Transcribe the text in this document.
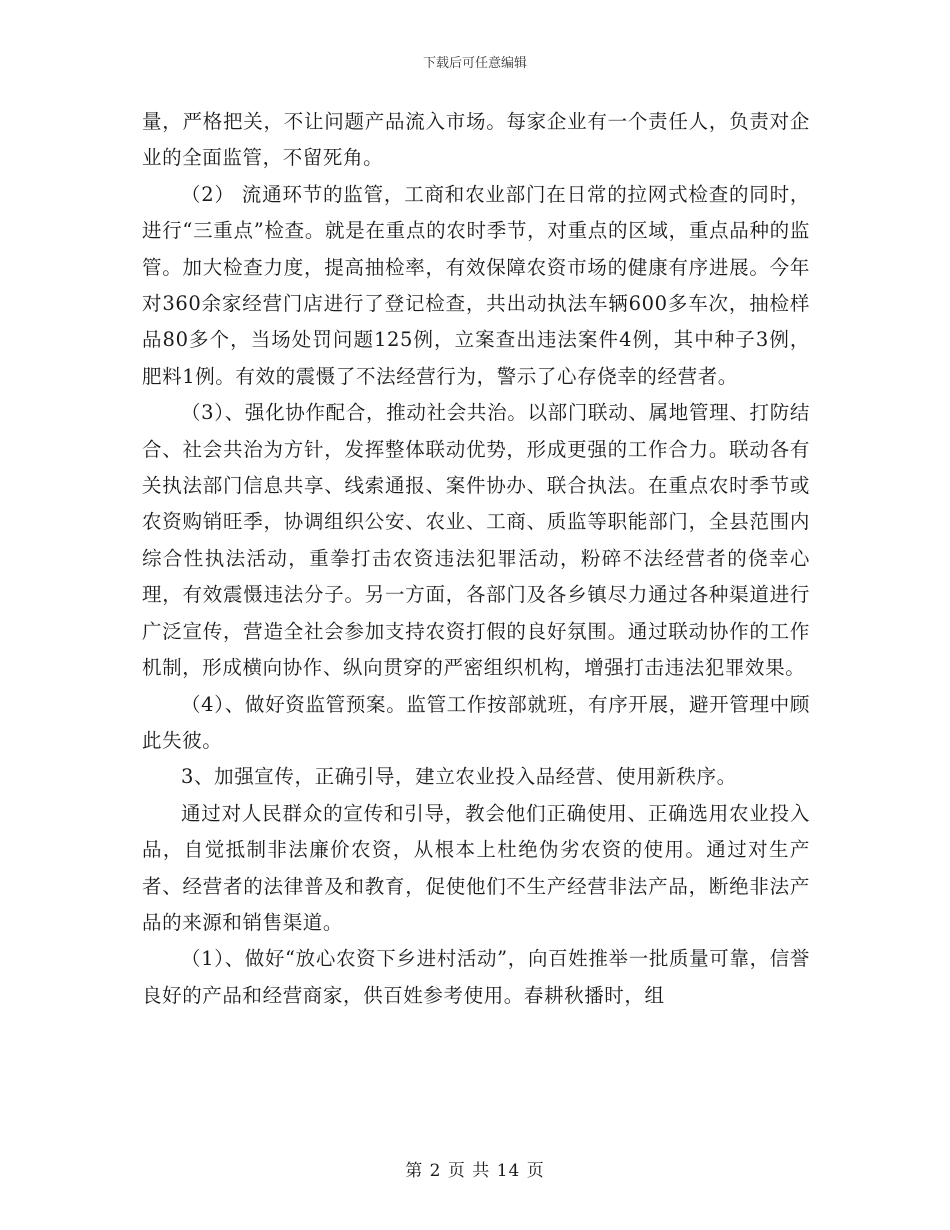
下载后可任意编辑

量，严格把关，不让问题产品流入市场。每家企业有一个责任人，负责对企业的全面监管，不留死角。

（2） 流通环节的监管，工商和农业部门在日常的拉网式检查的同时，进行“三重点”检查。就是在重点的农时季节，对重点的区域，重点品种的监管。加大检查力度，提高抽检率，有效保障农资市场的健康有序进展。今年对360余家经营门店进行了登记检查，共出动执法车辆600多车次，抽检样品80多个，当场处罚问题125例，立案查出违法案件4例，其中种子3例，肥料1例。有效的震慑了不法经营行为，警示了心存侥幸的经营者。

（3）、强化协作配合，推动社会共治。以部门联动、属地管理、打防结合、社会共治为方针，发挥整体联动优势，形成更强的工作合力。联动各有关执法部门信息共享、线索通报、案件协办、联合执法。在重点农时季节或农资购销旺季，协调组织公安、农业、工商、质监等职能部门，全县范围内综合性执法活动，重拳打击农资违法犯罪活动，粉碎不法经营者的侥幸心理，有效震慑违法分子。另一方面，各部门及各乡镇尽力通过各种渠道进行广泛宣传，营造全社会参加支持农资打假的良好氛围。通过联动协作的工作机制，形成横向协作、纵向贯穿的严密组织机构，增强打击违法犯罪效果。

（4）、做好资监管预案。监管工作按部就班，有序开展，避开管理中顾此失彼。

3、加强宣传，正确引导，建立农业投入品经营、使用新秩序。

通过对人民群众的宣传和引导，教会他们正确使用、正确选用农业投入品，自觉抵制非法廉价农资，从根本上杜绝伪劣农资的使用。通过对生产者、经营者的法律普及和教育，促使他们不生产经营非法产品，断绝非法产品的来源和销售渠道。

（1）、做好“放心农资下乡进村活动”，向百姓推举一批质量可靠，信誉良好的产品和经营商家，供百姓参考使用。春耕秋播时，组

第 2 页 共 14 页
